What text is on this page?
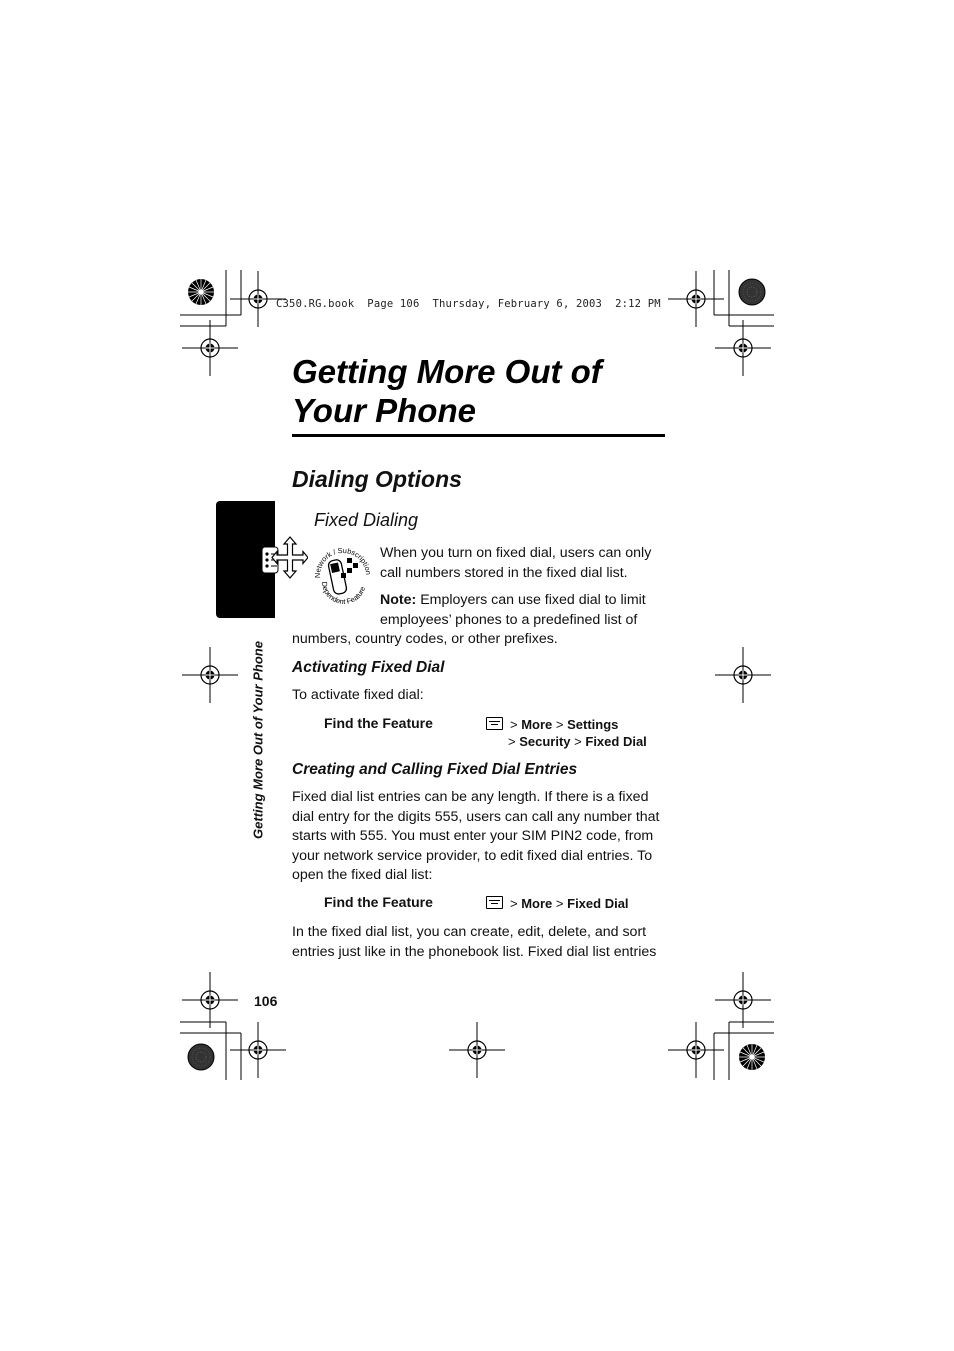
C350.RG.book  Page 106  Thursday, February 6, 2003  2:12 PM
Getting More Out of
Your Phone
Getting More Out of Your Phone
Dialing Options
Fixed Dialing
Network / Subscription
Dependent Feature

When you turn on fixed dial, users can only
call numbers stored in the fixed dial list.

Note: Employers can use fixed dial to limit
employees’ phones to a predefined list of

numbers, country codes, or other prefixes.

Activating Fixed Dial

To activate fixed dial:

Find the Feature	> More > Settings
> Security > Fixed Dial
Creating and Calling Fixed Dial Entries

Fixed dial list entries can be any length. If there is a fixed
dial entry for the digits 555, users can call any number that
starts with 555. You must enter your SIM PIN2 code, from
your network service provider, to edit fixed dial entries. To
open the fixed dial list:

Find the Feature	> More > Fixed Dial

In the fixed dial list, you can create, edit, delete, and sort
entries just like in the phonebook list. Fixed dial list entries

106
